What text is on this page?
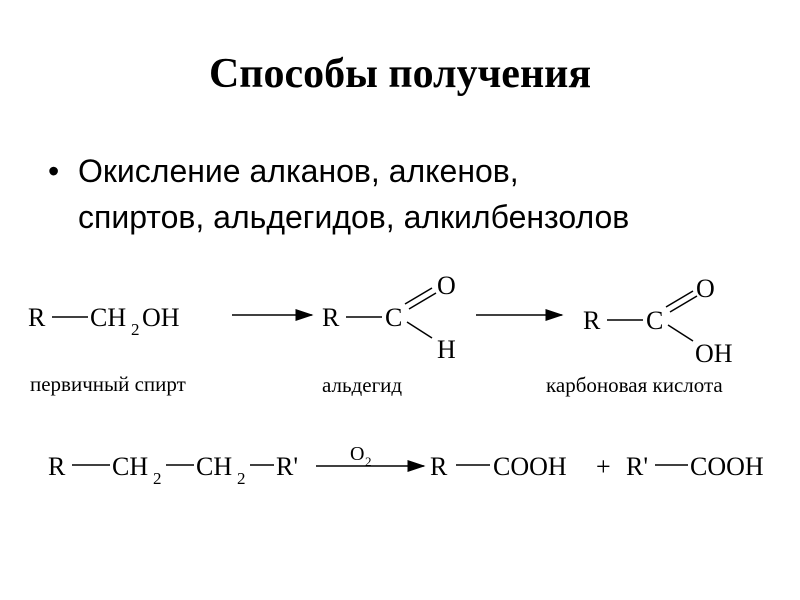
Способы получения
• Окисление алканов, алкенов,
спиртов, альдегидов, алкилбензолов
R CH 2 OH	R C
O
H
R C
O
OH
первичный спирт	альдегид	карбоновая кислота
R CH 2 CH 2 R'	O 2 R COOH + R' COOH
